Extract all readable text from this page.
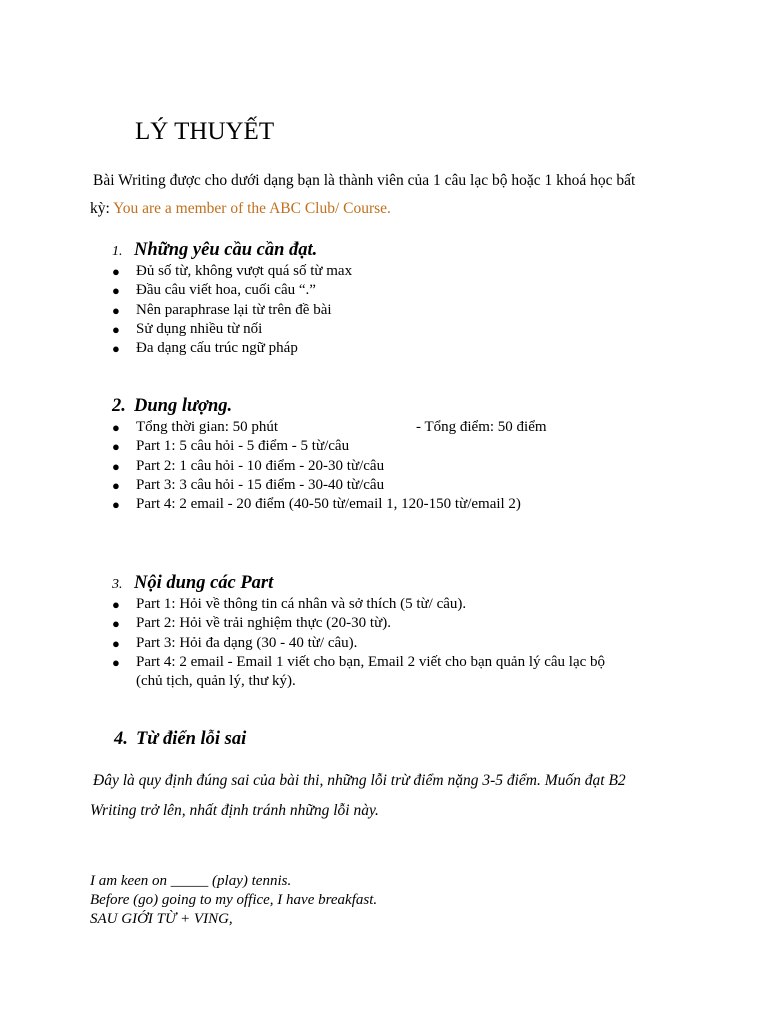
LÝ THUYẾT
Bài Writing được cho dưới dạng bạn là thành viên của 1 câu lạc bộ hoặc 1 khoá học bất
kỳ: You are a member of the ABC Club/ Course.
1. Những yêu cầu cần đạt.
● Đủ số từ, không vượt quá số từ max
● Đầu câu viết hoa, cuối câu “.”
● Nên paraphrase lại từ trên đề bài
● Sử dụng nhiều từ nối
● Đa dạng cấu trúc ngữ pháp
2. Dung lượng.
● Tổng thời gian: 50 phút	- Tổng điểm: 50 điểm
● Part 1: 5 câu hỏi - 5 điểm - 5 từ/câu
● Part 2: 1 câu hỏi - 10 điểm - 20-30 từ/câu
● Part 3: 3 câu hỏi - 15 điểm - 30-40 từ/câu
● Part 4: 2 email - 20 điểm (40-50 từ/email 1, 120-150 từ/email 2)
3. Nội dung các Part
● Part 1: Hỏi về thông tin cá nhân và sở thích (5 từ/ câu).
● Part 2: Hỏi về trải nghiệm thực (20-30 từ).
● Part 3: Hỏi đa dạng (30 - 40 từ/ câu).
● Part 4: 2 email - Email 1 viết cho bạn, Email 2 viết cho bạn quản lý câu lạc bộ
(chủ tịch, quản lý, thư ký).
4. Từ điển lỗi sai
Đây là quy định đúng sai của bài thi, những lỗi trừ điểm nặng 3-5 điểm. Muốn đạt B2
Writing trở lên, nhất định tránh những lỗi này.
I am keen on _____ (play) tennis.
Before (go) going to my office, I have breakfast.
SAU GIỚI TỪ + VING,
